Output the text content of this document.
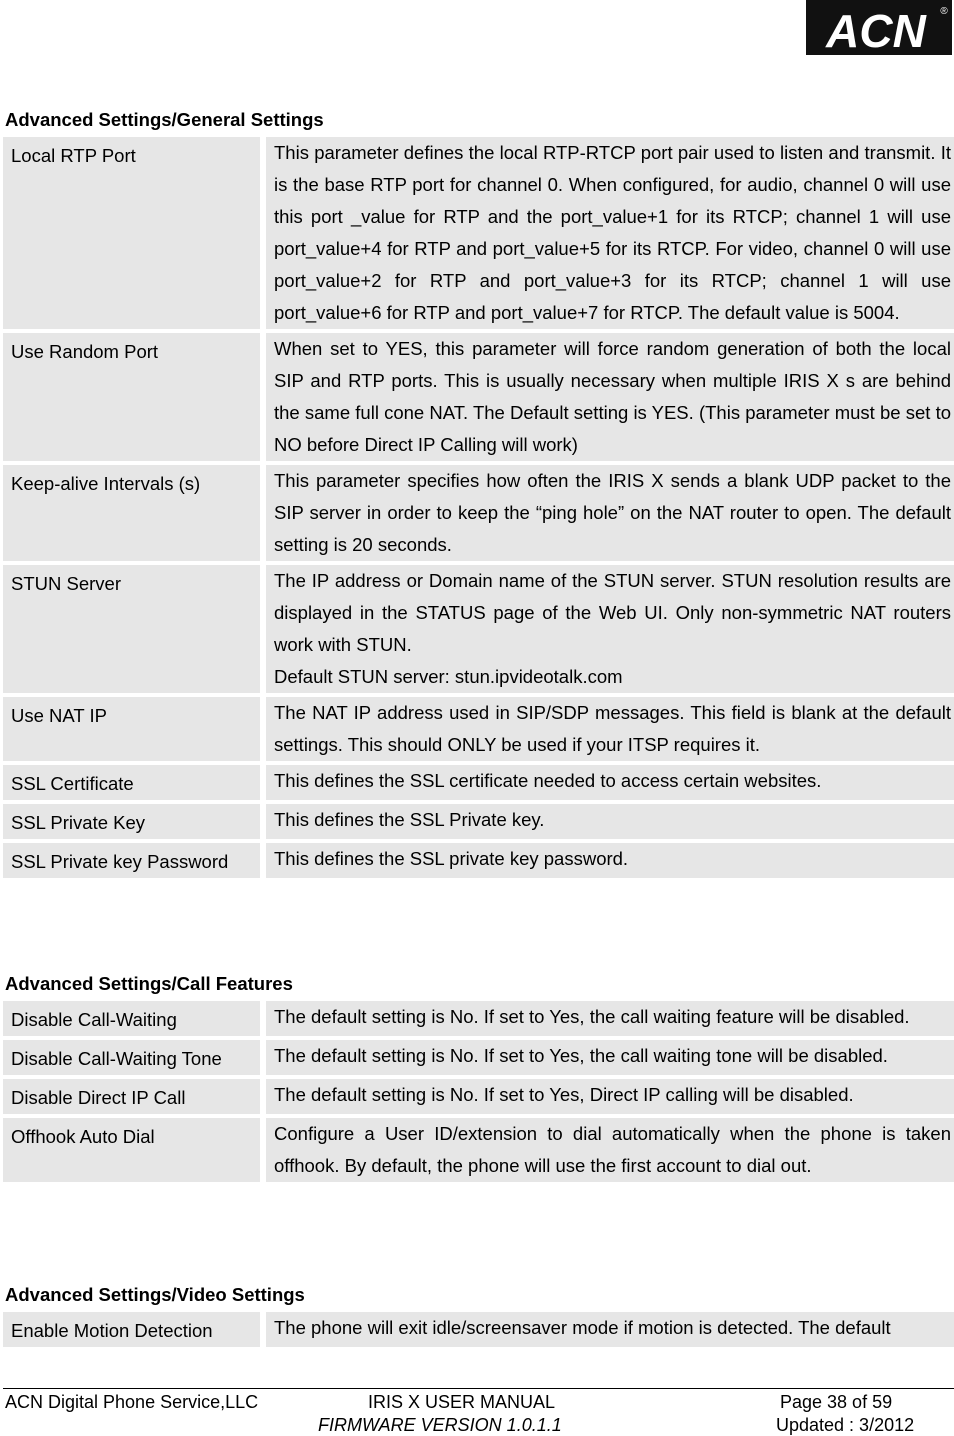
ACN ®
Advanced Settings/General Settings
Local RTP Port	This parameter defines the local RTP-RTCP port pair used to listen and transmit. It is the base RTP port for channel 0. When configured, for audio, channel 0 will use this port _value for RTP and the port_value+1 for its RTCP; channel 1 will use port_value+4 for RTP and port_value+5 for its RTCP. For video, channel 0 will use port_value+2 for RTP and port_value+3 for its RTCP; channel 1 will use port_value+6 for RTP and port_value+7 for RTCP. The default value is 5004.
Use Random Port	When set to YES, this parameter will force random generation of both the local SIP and RTP ports. This is usually necessary when multiple IRIS X s are behind the same full cone NAT. The Default setting is YES. (This parameter must be set to NO before Direct IP Calling will work)
Keep-alive Intervals (s)	This parameter specifies how often the IRIS X sends a blank UDP packet to the SIP server in order to keep the “ping hole” on the NAT router to open. The default setting is 20 seconds.
STUN Server	The IP address or Domain name of the STUN server. STUN resolution results are displayed in the STATUS page of the Web UI. Only non-symmetric NAT routers work with STUN.
Default STUN server: stun.ipvideotalk.com

Use NAT IP	The NAT IP address used in SIP/SDP messages. This field is blank at the default settings. This should ONLY be used if your ITSP requires it.
SSL Certificate	This defines the SSL certificate needed to access certain websites.
SSL Private Key	This defines the SSL Private key.
SSL Private key Password	This defines the SSL private key password.
Advanced Settings/Call Features
Disable Call-Waiting	The default setting is No. If set to Yes, the call waiting feature will be disabled.
Disable Call-Waiting Tone	The default setting is No. If set to Yes, the call waiting tone will be disabled.
Disable Direct IP Call	The default setting is No. If set to Yes, Direct IP calling will be disabled.
Offhook Auto Dial	Configure a User ID/extension to dial automatically when the phone is taken offhook. By default, the phone will use the first account to dial out.
Advanced Settings/Video Settings
Enable Motion Detection	The phone will exit idle/screensaver mode if motion is detected. The default
ACN Digital Phone Service,LLC	IRIS X USER MANUAL
FIRMWARE VERSION 1.0.1.1
Page 38 of 59
Updated : 3/2012
